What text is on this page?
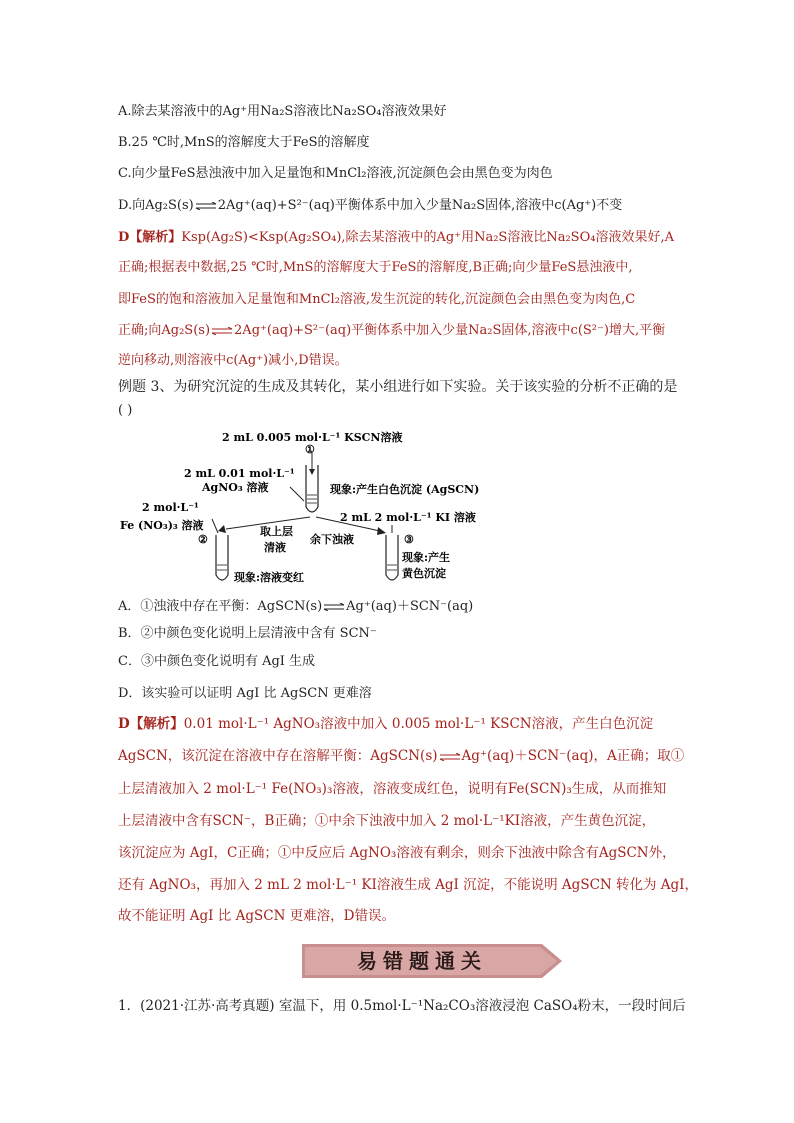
A.除去某溶液中的Ag⁺用Na₂S溶液比Na₂SO₄溶液效果好
B.25 ℃时,MnS的溶解度大于FeS的溶解度
C.向少量FeS悬浊液中加入足量饱和MnCl₂溶液,沉淀颜色会由黑色变为肉色
D.向Ag₂S(s)⇌2Ag⁺(aq)+S²⁻(aq)平衡体系中加入少量Na₂S固体,溶液中c(Ag⁺)不变
D【解析】Ksp(Ag₂S)<Ksp(Ag₂SO₄),除去某溶液中的Ag⁺用Na₂S溶液比Na₂SO₄溶液效果好,A
正确;根据表中数据,25 ℃时,MnS的溶解度大于FeS的溶解度,B正确;向少量FeS悬浊液中,
即FeS的饱和溶液加入足量饱和MnCl₂溶液,发生沉淀的转化,沉淀颜色会由黑色变为肉色,C
正确;向Ag₂S(s)⇌2Ag⁺(aq)+S²⁻(aq)平衡体系中加入少量Na₂S固体,溶液中c(S²⁻)增大,平衡
逆向移动,则溶液中c(Ag⁺)减小,D错误。
例题 3、为研究沉淀的生成及其转化，某小组进行如下实验。关于该实验的分析不正确的是
( )
2 mL 0.005 mol·L⁻¹ KSCN溶液
①
2 mL 0.01 mol·L⁻¹
AgNO₃ 溶液	现象:产生白色沉淀 (AgSCN)
2 mol·L⁻¹
Fe (NO₃)₃ 溶液
②
取上层
清液
余下浊液
2 mL 2 mol·L⁻¹ KI 溶液
③
现象:溶液变红
现象:产生
黄色沉淀
A．①浊液中存在平衡：AgSCN(s)⇌Ag⁺(aq)＋SCN⁻(aq)
B．②中颜色变化说明上层清液中含有 SCN⁻
C．③中颜色变化说明有 AgI 生成
D．该实验可以证明 AgI 比 AgSCN 更难溶
D【解析】0.01 mol·L⁻¹ AgNO₃溶液中加入 0.005 mol·L⁻¹ KSCN溶液，产生白色沉淀
AgSCN，该沉淀在溶液中存在溶解平衡：AgSCN(s)⇌Ag⁺(aq)＋SCN⁻(aq)，A正确；取①
上层清液加入 2 mol·L⁻¹ Fe(NO₃)₃溶液，溶液变成红色，说明有Fe(SCN)₃生成，从而推知
上层清液中含有SCN⁻，B正确；①中余下浊液中加入 2 mol·L⁻¹KI溶液，产生黄色沉淀，
该沉淀应为 AgI，C正确；①中反应后 AgNO₃溶液有剩余，则余下浊液中除含有AgSCN外，
还有 AgNO₃，再加入 2 mL 2 mol·L⁻¹ KI溶液生成 AgI 沉淀，不能说明 AgSCN 转化为 AgI，
故不能证明 AgI 比 AgSCN 更难溶，D错误。
易错题通关
1．(2021·江苏·高考真题) 室温下，用 0.5mol·L⁻¹Na₂CO₃溶液浸泡 CaSO₄粉末，一段时间后
